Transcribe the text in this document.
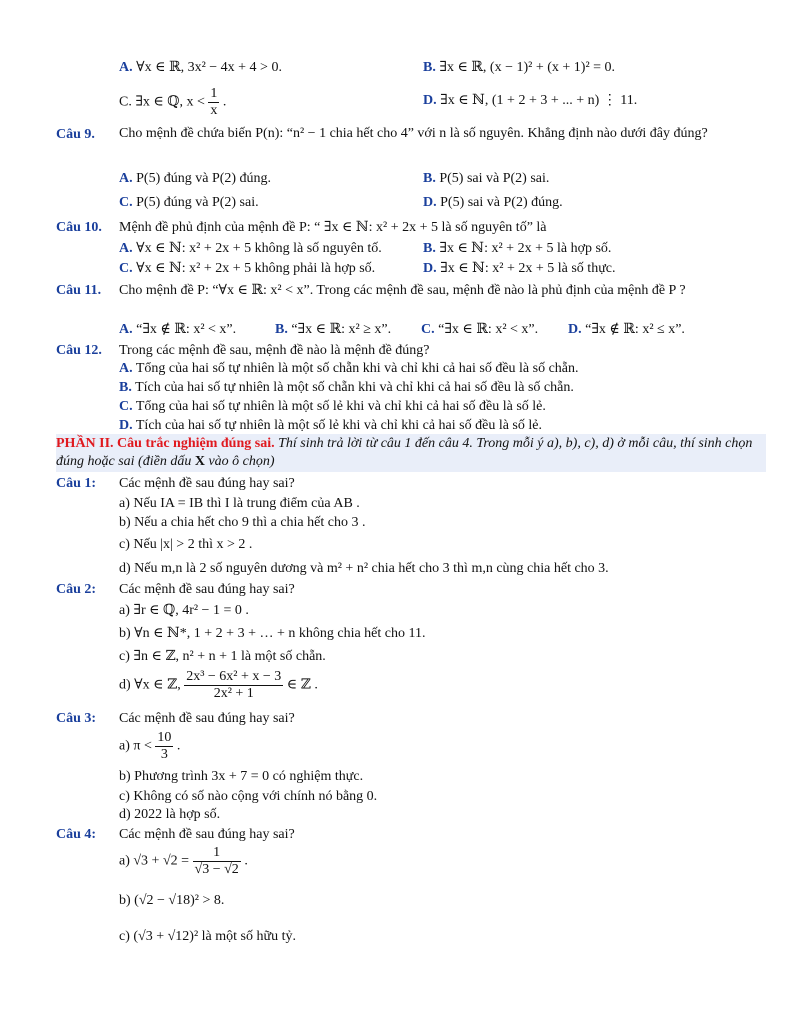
A. ∀x ∈ ℝ, 3x² − 4x + 4 > 0.	B. ∃x ∈ ℝ, (x − 1)² + (x + 1)² = 0.
C. ∃x ∈ ℚ, $x < \frac{1}{x}$ .	D. ∃x ∈ ℕ, (1 + 2 + 3 + ... + n) ⋮ 11.
Câu 9. Cho mệnh đề chứa biến P(n): “n² − 1 chia hết cho 4” với n là số nguyên. Khẳng định nào dưới đây đúng?
A. P(5) đúng và P(2) đúng.	B. P(5) sai và P(2) sai.
C. P(5) đúng và P(2) sai.	D. P(5) sai và P(2) đúng.
Câu 10. Mệnh đề phủ định của mệnh đề P: “ ∃x ∈ ℕ: x² + 2x + 5 là số nguyên tố” là
A. ∀x ∈ ℕ: x² + 2x + 5 không là số nguyên tố.	B. ∃x ∈ ℕ: x² + 2x + 5 là hợp số.
C. ∀x ∈ ℕ: x² + 2x + 5 không phải là hợp số.	D. ∃x ∈ ℕ: x² + 2x + 5 là số thực.
Câu 11. Cho mệnh đề P: “∀x ∈ ℝ: x² < x”. Trong các mệnh đề sau, mệnh đề nào là phủ định của mệnh đề P ?
A. “∃x ∉ ℝ: x² < x”.	B. “∃x ∈ ℝ: x² ≥ x”. C. “∃x ∈ ℝ: x² < x”. D. “∃x ∉ ℝ: x² ≤ x”.
Câu 12. Trong các mệnh đề sau, mệnh đề nào là mệnh đề đúng?
A. Tổng của hai số tự nhiên là một số chẵn khi và chỉ khi cả hai số đều là số chẵn.
B. Tích của hai số tự nhiên là một số chẵn khi và chỉ khi cả hai số đều là số chẵn.
C. Tổng của hai số tự nhiên là một số lẻ khi và chỉ khi cả hai số đều là số lẻ.
D. Tích của hai số tự nhiên là một số lẻ khi và chỉ khi cả hai số đều là số lẻ.
PHẦN II. Câu trắc nghiệm đúng sai. Thí sinh trả lời từ câu 1 đến câu 4. Trong mỗi ý a), b), c), d) ở mỗi câu, thí sinh chọn đúng hoặc sai (điền dấu X vào ô chọn)
Câu 1: Các mệnh đề sau đúng hay sai?
a) Nếu IA = IB thì I là trung điểm của AB .
b) Nếu a chia hết cho 9 thì a chia hết cho 3 .
c) Nếu |x| > 2 thì x > 2 .
d) Nếu m,n là 2 số nguyên dương và m² + n² chia hết cho 3 thì m,n cùng chia hết cho 3.
Câu 2: Các mệnh đề sau đúng hay sai?
a) ∃r ∈ ℚ, 4r² − 1 = 0 .
b) ∀n ∈ ℕ*, 1 + 2 + 3 + … + n không chia hết cho 11.
c) ∃n ∈ ℤ, n² + n + 1 là một số chẵn.
d) ∀x ∈ ℤ, $\frac{\text{2x³ − 6x² + x − 3}}{\text{2x² + 1}}$ ∈ ℤ .
Câu 3: Các mệnh đề sau đúng hay sai?
a) $\pi < \frac{10}{3}$ .
b) Phương trình 3x + 7 = 0 có nghiệm thực.
c) Không có số nào cộng với chính nó bằng 0.
d) 2022 là hợp số.
Câu 4: Các mệnh đề sau đúng hay sai?
a) $√3 + √2 = \frac{1}{√3 - √2}$ .
b) (√2 − √18)² > 8.
c) (√3 + √12)² là một số hữu tỷ.
